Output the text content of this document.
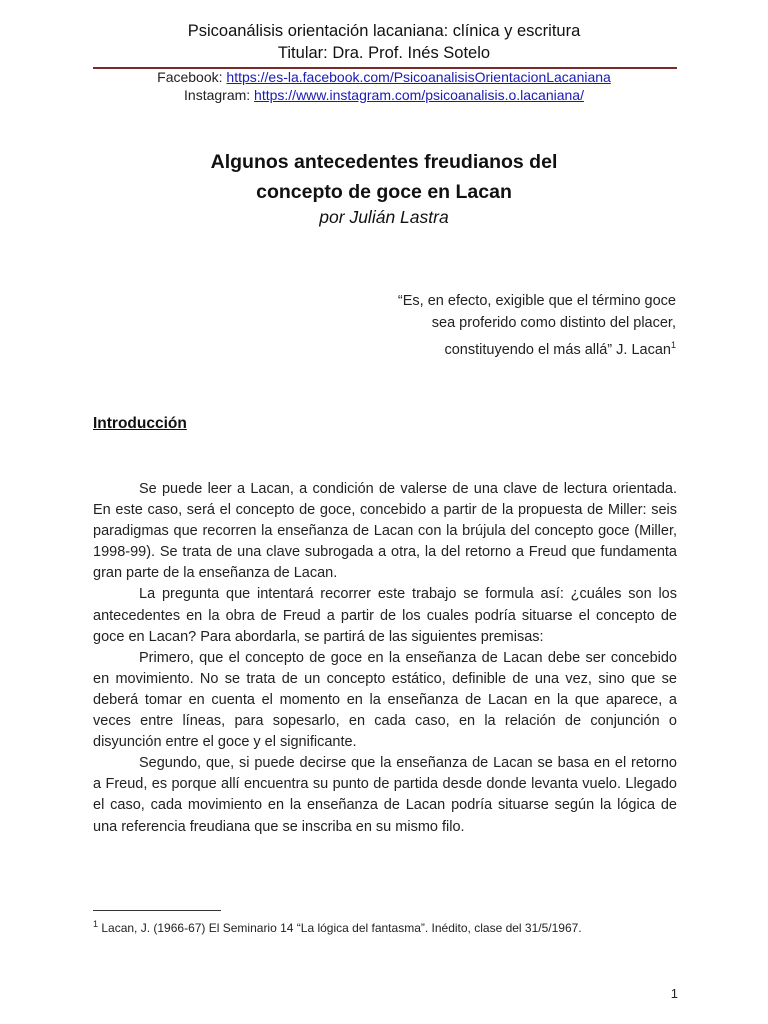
Psicoanálisis orientación lacaniana: clínica y escritura
Titular: Dra. Prof. Inés Sotelo
Facebook: https://es-la.facebook.com/PsicoanalisisOrientacionLacaniana
Instagram: https://www.instagram.com/psicoanalisis.o.lacaniana/
Algunos antecedentes freudianos del
concepto de goce en Lacan
por Julián Lastra
“Es, en efecto, exigible que el término goce
sea proferido como distinto del placer,
constituyendo el más allá” J. Lacan$^1$
Introducción

Se puede leer a Lacan, a condición de valerse de una clave de lectura orientada. En este caso, será el concepto de goce, concebido a partir de la propuesta de Miller: seis paradigmas que recorren la enseñanza de Lacan con la brújula del concepto goce (Miller, 1998-99). Se trata de una clave subrogada a otra, la del retorno a Freud que fundamenta gran parte de la enseñanza de Lacan.

La pregunta que intentará recorrer este trabajo se formula así: ¿cuáles son los antecedentes en la obra de Freud a partir de los cuales podría situarse el concepto de goce en Lacan? Para abordarla, se partirá de las siguientes premisas:

Primero, que el concepto de goce en la enseñanza de Lacan debe ser concebido en movimiento. No se trata de un concepto estático, definible de una vez, sino que se deberá tomar en cuenta el momento en la enseñanza de Lacan en la que aparece, a veces entre líneas, para sopesarlo, en cada caso, en la relación de conjunción o disyunción entre el goce y el significante.

Segundo, que, si puede decirse que la enseñanza de Lacan se basa en el retorno a Freud, es porque allí encuentra su punto de partida desde donde levanta vuelo. Llegado el caso, cada movimiento en la enseñanza de Lacan podría situarse según la lógica de una referencia freudiana que se inscriba en su mismo filo.

$^1$ Lacan, J. (1966-67) El Seminario 14 “La lógica del fantasma”. Inédito, clase del 31/5/1967.
1
